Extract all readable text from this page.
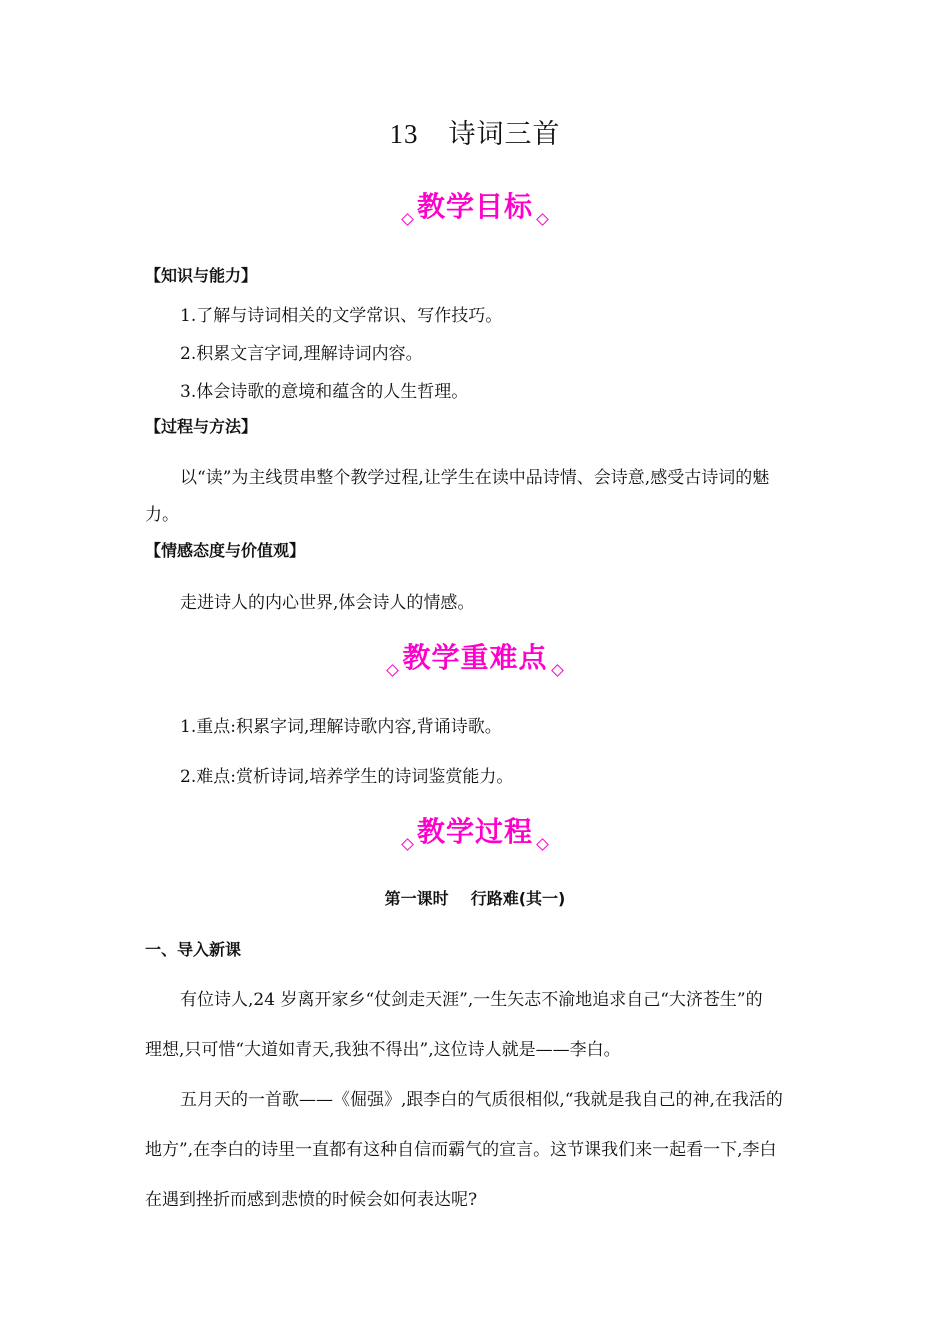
13 诗词三首
教学目标
【知识与能力】
1.了解与诗词相关的文学常识、写作技巧。
2.积累文言字词,理解诗词内容。
3.体会诗歌的意境和蕴含的人生哲理。
【过程与方法】
以“读”为主线贯串整个教学过程,让学生在读中品诗情、会诗意,感受古诗词的魅
力。
【情感态度与价值观】
走进诗人的内心世界,体会诗人的情感。
教学重难点
1.重点:积累字词,理解诗歌内容,背诵诗歌。
2.难点:赏析诗词,培养学生的诗词鉴赏能力。
教学过程
第一课时 行路难(其一)
一、导入新课
有位诗人,24 岁离开家乡“仗剑走天涯”,一生矢志不渝地追求自己“大济苍生”的
理想,只可惜“大道如青天,我独不得出”,这位诗人就是——李白。
五月天的一首歌——《倔强》,跟李白的气质很相似,“我就是我自己的神,在我活的
地方”,在李白的诗里一直都有这种自信而霸气的宣言。这节课我们来一起看一下,李白
在遇到挫折而感到悲愤的时候会如何表达呢?
